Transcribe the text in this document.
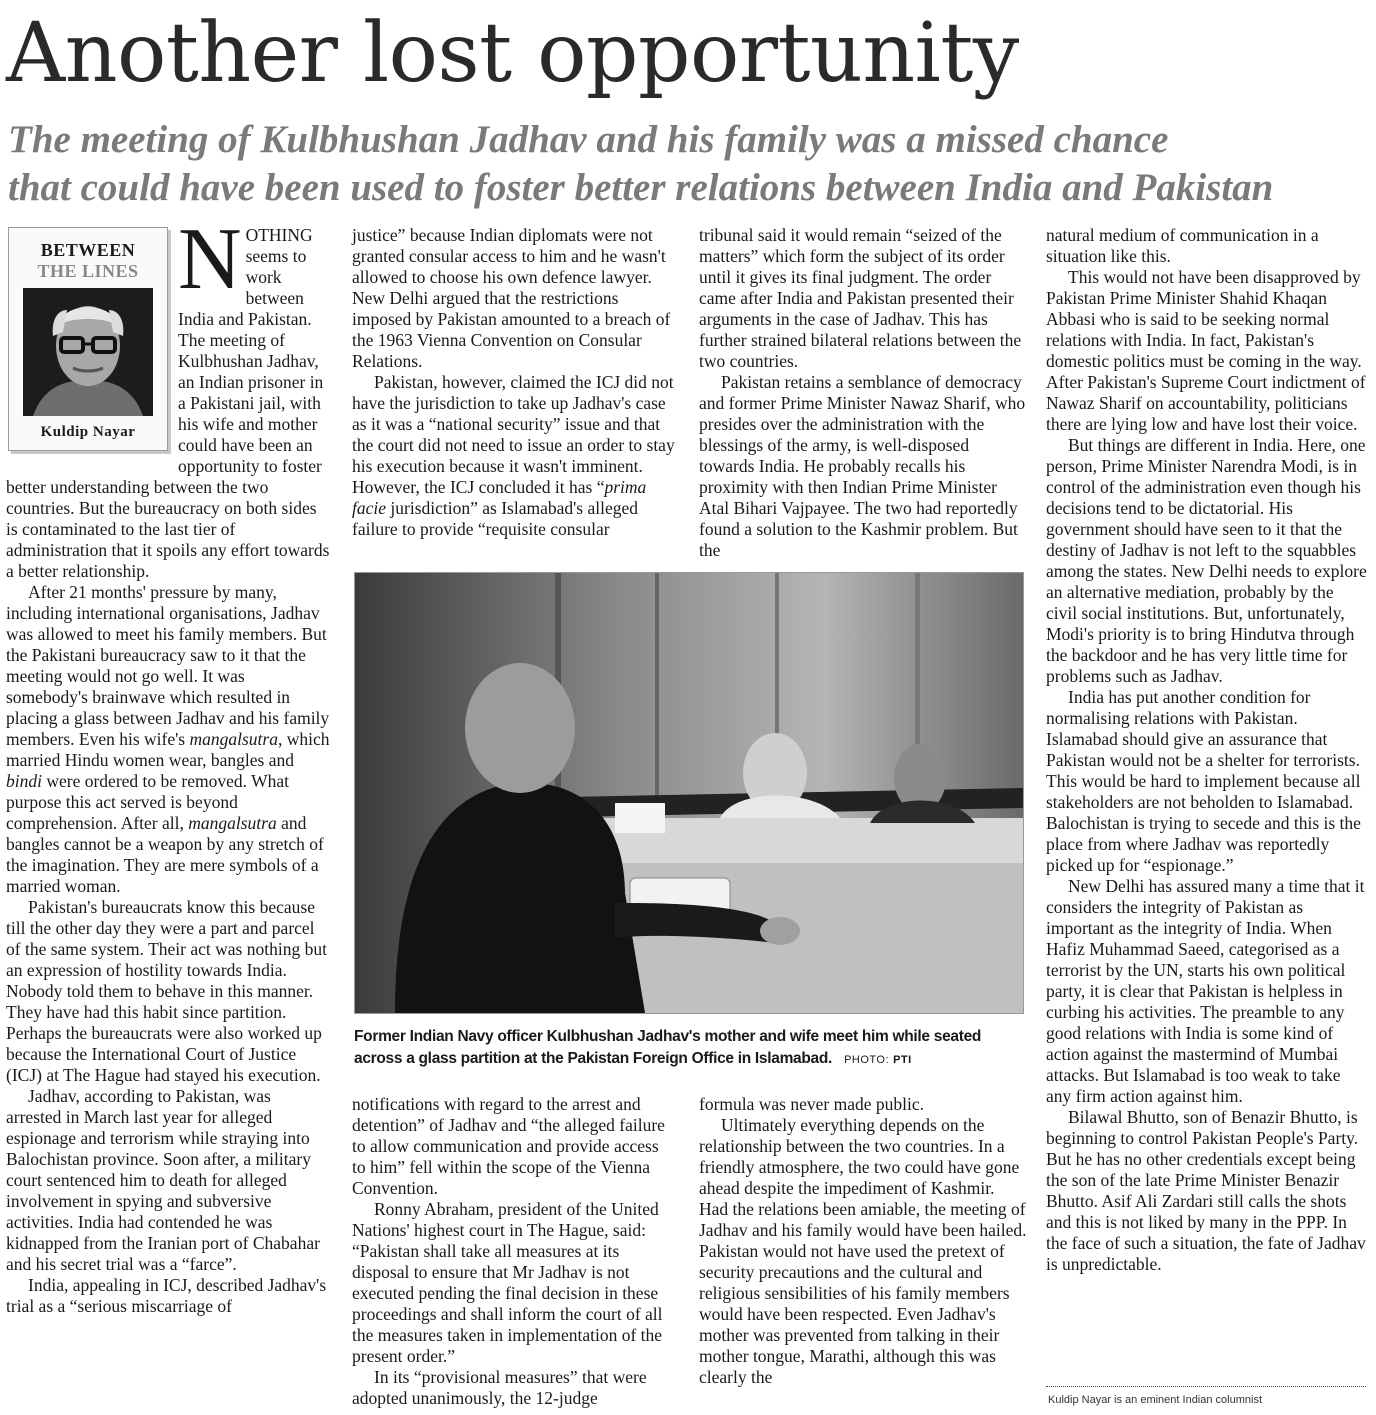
Another lost opportunity
The meeting of Kulbhushan Jadhav and his family was a missed chance
that could have been used to foster better relations between India and Pakistan
BETWEEN
THE LINES
Kuldip Nayar
N OTHING seems to work between India and Pakistan. The meeting of Kulbhushan Jadhav, an Indian prisoner in a Pakistani jail, with his wife and mother could have been an opportunity to foster better understanding between the two countries. But the bureaucracy on both sides is contaminated to the last tier of administration that it spoils any effort towards a better relationship.

After 21 months' pressure by many, including international organisations, Jadhav was allowed to meet his family members. But the Pakistani bureaucracy saw to it that the meeting would not go well. It was somebody's brainwave which resulted in placing a glass between Jadhav and his family members. Even his wife's mangalsutra, which married Hindu women wear, bangles and bindi were ordered to be removed. What purpose this act served is beyond comprehension. After all, mangalsutra and bangles cannot be a weapon by any stretch of the imagination. They are mere symbols of a married woman.

Pakistan's bureaucrats know this because till the other day they were a part and parcel of the same system. Their act was nothing but an expression of hostility towards India. Nobody told them to behave in this manner. They have had this habit since partition. Perhaps the bureaucrats were also worked up because the International Court of Justice (ICJ) at The Hague had stayed his execution.

Jadhav, according to Pakistan, was arrested in March last year for alleged espionage and terrorism while straying into Balochistan province. Soon after, a military court sentenced him to death for alleged involvement in spying and subversive activities. India had contended he was kidnapped from the Iranian port of Chabahar and his secret trial was a “farce”.

India, appealing in ICJ, described Jadhav's trial as a “serious miscarriage of

justice” because Indian diplomats were not granted consular access to him and he wasn't allowed to choose his own defence lawyer. New Delhi argued that the restrictions imposed by Pakistan amounted to a breach of the 1963 Vienna Convention on Consular Relations.

Pakistan, however, claimed the ICJ did not have the jurisdiction to take up Jadhav's case as it was a “national security” issue and that the court did not need to issue an order to stay his execution because it wasn't imminent. However, the ICJ concluded it has “prima facie jurisdiction” as Islamabad's alleged failure to provide “requisite consular

tribunal said it would remain “seized of the matters” which form the subject of its order until it gives its final judgment. The order came after India and Pakistan presented their arguments in the case of Jadhav. This has further strained bilateral relations between the two countries.

Pakistan retains a semblance of democracy and former Prime Minister Nawaz Sharif, who presides over the administration with the blessings of the army, is well-disposed towards India. He probably recalls his proximity with then Indian Prime Minister Atal Bihari Vajpayee. The two had reportedly found a solution to the Kashmir problem. But the

Former Indian Navy officer Kulbhushan Jadhav's mother and wife meet him while seated across a glass partition at the Pakistan Foreign Office in Islamabad. PHOTO: PTI

notifications with regard to the arrest and detention” of Jadhav and “the alleged failure to allow communication and provide access to him” fell within the scope of the Vienna Convention.

Ronny Abraham, president of the United Nations' highest court in The Hague, said: “Pakistan shall take all measures at its disposal to ensure that Mr Jadhav is not executed pending the final decision in these proceedings and shall inform the court of all the measures taken in implementation of the present order.”

In its “provisional measures” that were adopted unanimously, the 12-judge

formula was never made public.

Ultimately everything depends on the relationship between the two countries. In a friendly atmosphere, the two could have gone ahead despite the impediment of Kashmir. Had the relations been amiable, the meeting of Jadhav and his family would have been hailed. Pakistan would not have used the pretext of security precautions and the cultural and religious sensibilities of his family members would have been respected. Even Jadhav's mother was prevented from talking in their mother tongue, Marathi, although this was clearly the

natural medium of communication in a situation like this.

This would not have been disapproved by Pakistan Prime Minister Shahid Khaqan Abbasi who is said to be seeking normal relations with India. In fact, Pakistan's domestic politics must be coming in the way. After Pakistan's Supreme Court indictment of Nawaz Sharif on accountability, politicians there are lying low and have lost their voice.

But things are different in India. Here, one person, Prime Minister Narendra Modi, is in control of the administration even though his decisions tend to be dictatorial. His government should have seen to it that the destiny of Jadhav is not left to the squabbles among the states. New Delhi needs to explore an alternative mediation, probably by the civil social institutions. But, unfortunately, Modi's priority is to bring Hindutva through the backdoor and he has very little time for problems such as Jadhav.

India has put another condition for normalising relations with Pakistan. Islamabad should give an assurance that Pakistan would not be a shelter for terrorists. This would be hard to implement because all stakeholders are not beholden to Islamabad. Balochistan is trying to secede and this is the place from where Jadhav was reportedly picked up for “espionage.”

New Delhi has assured many a time that it considers the integrity of Pakistan as important as the integrity of India. When Hafiz Muhammad Saeed, categorised as a terrorist by the UN, starts his own political party, it is clear that Pakistan is helpless in curbing his activities. The preamble to any good relations with India is some kind of action against the mastermind of Mumbai attacks. But Islamabad is too weak to take any firm action against him.

Bilawal Bhutto, son of Benazir Bhutto, is beginning to control Pakistan People's Party. But he has no other credentials except being the son of the late Prime Minister Benazir Bhutto. Asif Ali Zardari still calls the shots and this is not liked by many in the PPP. In the face of such a situation, the fate of Jadhav is unpredictable.

Kuldip Nayar is an eminent Indian columnist
